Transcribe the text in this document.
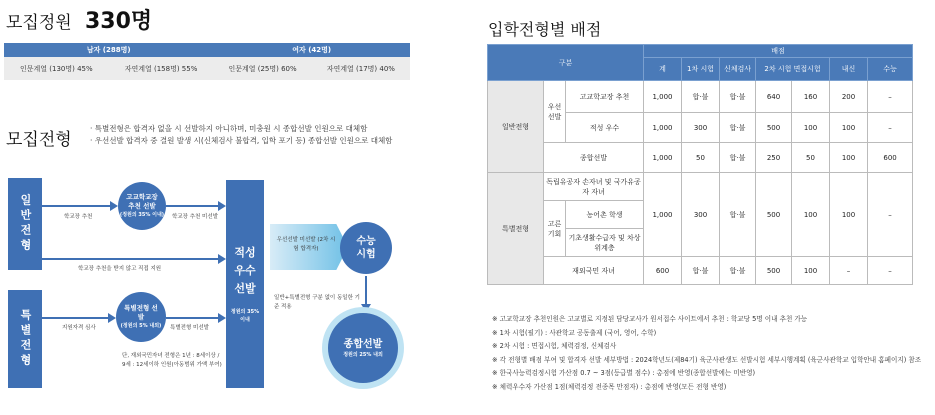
모집정원 330명
남자 (288명)		여자 (42명)	
인문계열 (130명) 45%	자연계열 (158명) 55%	인문계열 (25명) 60%	자연계열 (17명) 40%
모집전형
· 특별전형은 합격자 없을 시 선발하지 아니하며, 미충원 시 종합선발 인원으로 대체함
· 우선선발 합격자 중 결원 발생 시(신체검사 불합격, 입학 포기 등) 종합선발 인원으로 대체함
일반전형
특별전형
고교학교장 추천 선발
(정원의 35% 이내)
특별전형 선발
(정원의 5% 내외)
학교장 추천	학교장 추천 미선발
학교장 추천을 받지 않고 직접 지원
지원자격 심사	특별전형 미선발
단, 재외국민자녀 전형은 1년 : 8세이상 / 9세 : 12세이하 인원(아동범위 가액 부여)
적성 우수 선발
정원의 35% 이내
우선선발 미선발 (2차 시험 합격자)
수능 시험
일반+특별전형 구분 없이 동일한 기준 적용
종합선발
정원의 25% 내외
입학전형별 배점
구분			배점						
			계	1차 시험	신체검사	2차 시험 면접시험		내신	수능
일반전형	우선 선발	고교학교장 추천	1,000	합·불	합·불	640	160	200	–
		적성 우수	1,000	300	합·불	500	100	100	–
	종합선발		1,000	50	합·불	250	50	100	600
특별전형	독립유공자 손자녀 및 국가유공자 자녀		1,000	300	합·불	500	100	100	–
	고른 기회	농어촌 학생							
		기초생활수급자 및 차상위계층							
	재외국민 자녀		600	합·불	합·불	500	100	–	–
※ 고교학교장 추천인원은 고교별로 지정된 담당교사가 원서접수 사이트에서 추천 : 학교당 5명 이내 추천 가능
※ 1차 시험(필기) : 사관학교 공동출제 (국어, 영어, 수학)
※ 2차 시험 : 면접시험, 체력검정, 신체검사
※ 각 전형별 배점 부여 및 합격자 선발 세부방법 : 2024학년도(제84기) 육군사관생도 선발시험 세부시행계획 (육군사관학교 입학안내 홈페이지) 참조
※ 한국사능력검정시험 가산점 0.7 ~ 3점(등급별 점수) : 총점에 반영(종합선발에는 미반영)
※ 체력우수자 가산점 1점(체력검정 전종목 만점자) : 총점에 반영(모든 전형 반영)
